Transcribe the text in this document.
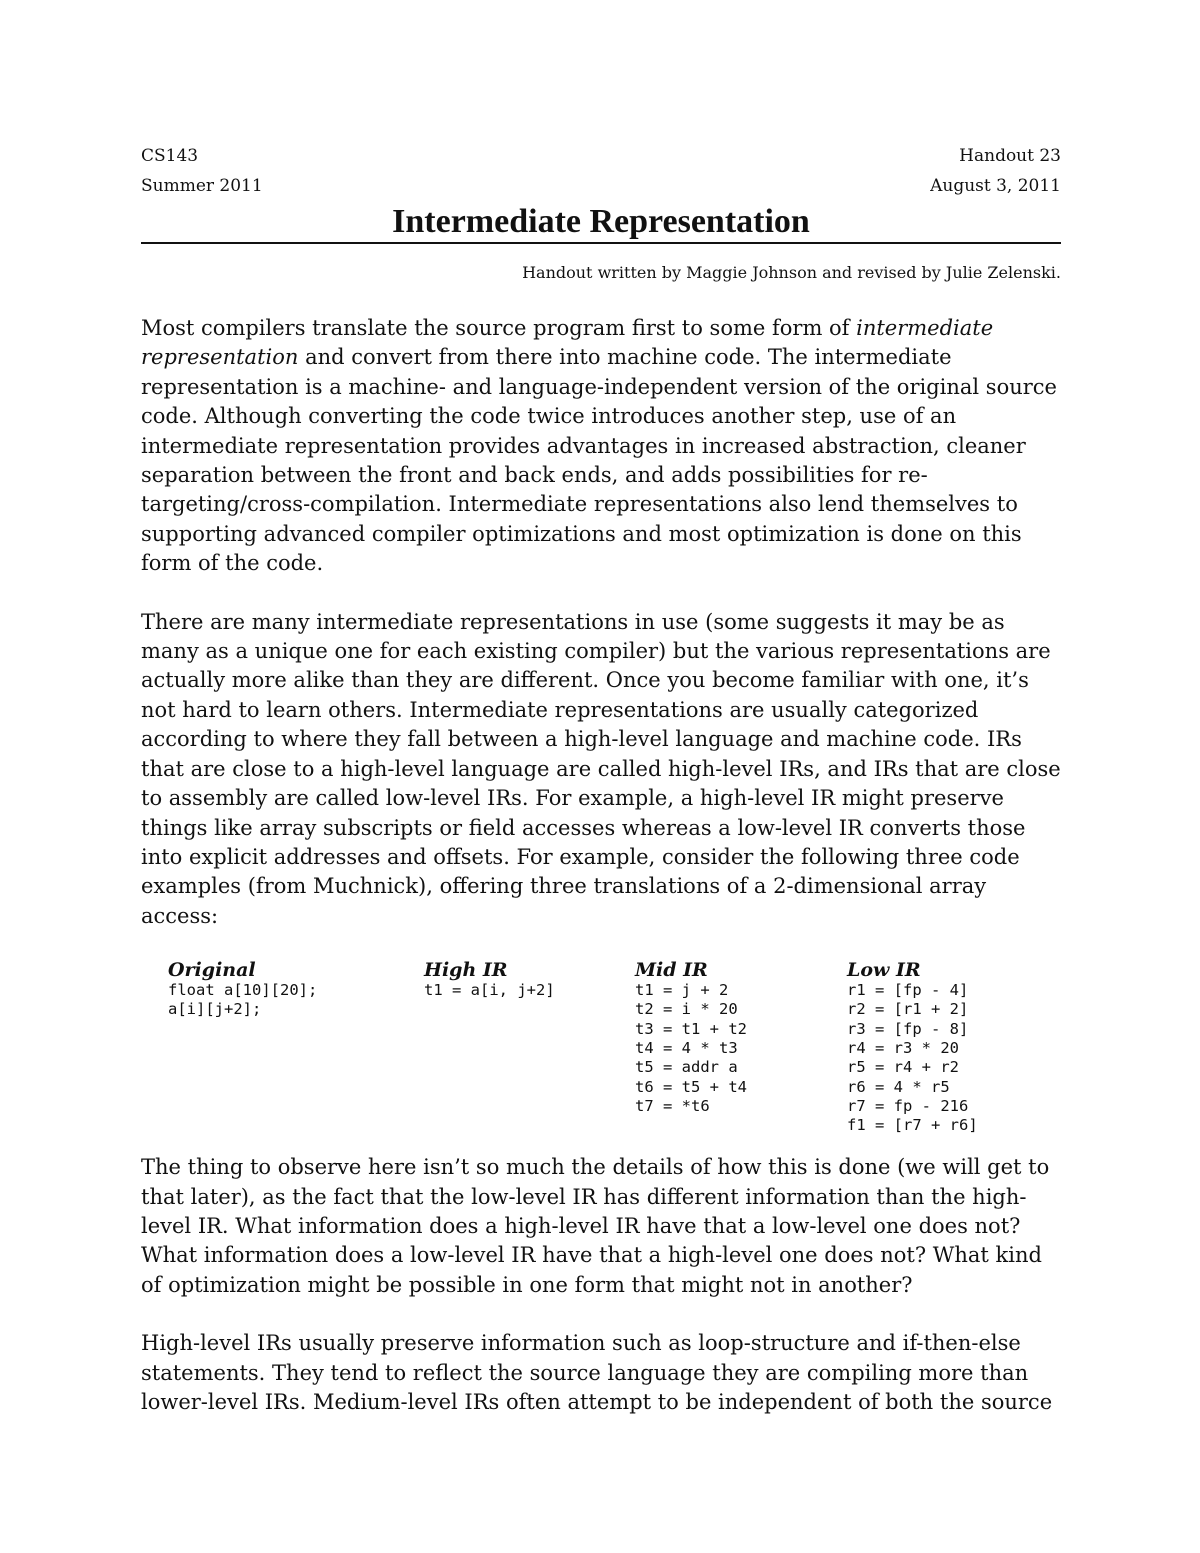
CS143	Handout 23
Summer 2011	August 3, 2011
Intermediate Representation
Handout written by Maggie Johnson and revised by Julie Zelenski.

Most compilers translate the source program first to some form of intermediate representation and convert from there into machine code. The intermediate representation is a machine- and language-independent version of the original source code. Although converting the code twice introduces another step, use of an intermediate representation provides advantages in increased abstraction, cleaner separation between the front and back ends, and adds possibilities for re-targeting/cross-compilation. Intermediate representations also lend themselves to supporting advanced compiler optimizations and most optimization is done on this form of the code.

There are many intermediate representations in use (some suggests it may be as many as a unique one for each existing compiler) but the various representations are actually more alike than they are different. Once you become familiar with one, it’s not hard to learn others. Intermediate representations are usually categorized according to where they fall between a high-level language and machine code. IRs that are close to a high-level language are called high-level IRs, and IRs that are close to assembly are called low-level IRs. For example, a high-level IR might preserve things like array subscripts or field accesses whereas a low-level IR converts those into explicit addresses and offsets. For example, consider the following three code examples (from Muchnick), offering three translations of a 2-dimensional array access:

Original
float a[10][20];
a[i][j+2];
High IR
t1 = a[i, j+2]
Mid IR
t1 = j + 2
t2 = i * 20
t3 = t1 + t2
t4 = 4 * t3
t5 = addr a
t6 = t5 + t4
t7 = *t6
Low IR
r1 = [fp - 4]
r2 = [r1 + 2]
r3 = [fp - 8]
r4 = r3 * 20
r5 = r4 + r2
r6 = 4 * r5
r7 = fp - 216
f1 = [r7 + r6]

The thing to observe here isn’t so much the details of how this is done (we will get to that later), as the fact that the low-level IR has different information than the high-level IR. What information does a high-level IR have that a low-level one does not? What information does a low-level IR have that a high-level one does not? What kind of optimization might be possible in one form that might not in another?

High-level IRs usually preserve information such as loop-structure and if-then-else statements. They tend to reflect the source language they are compiling more than lower-level IRs. Medium-level IRs often attempt to be independent of both the source
